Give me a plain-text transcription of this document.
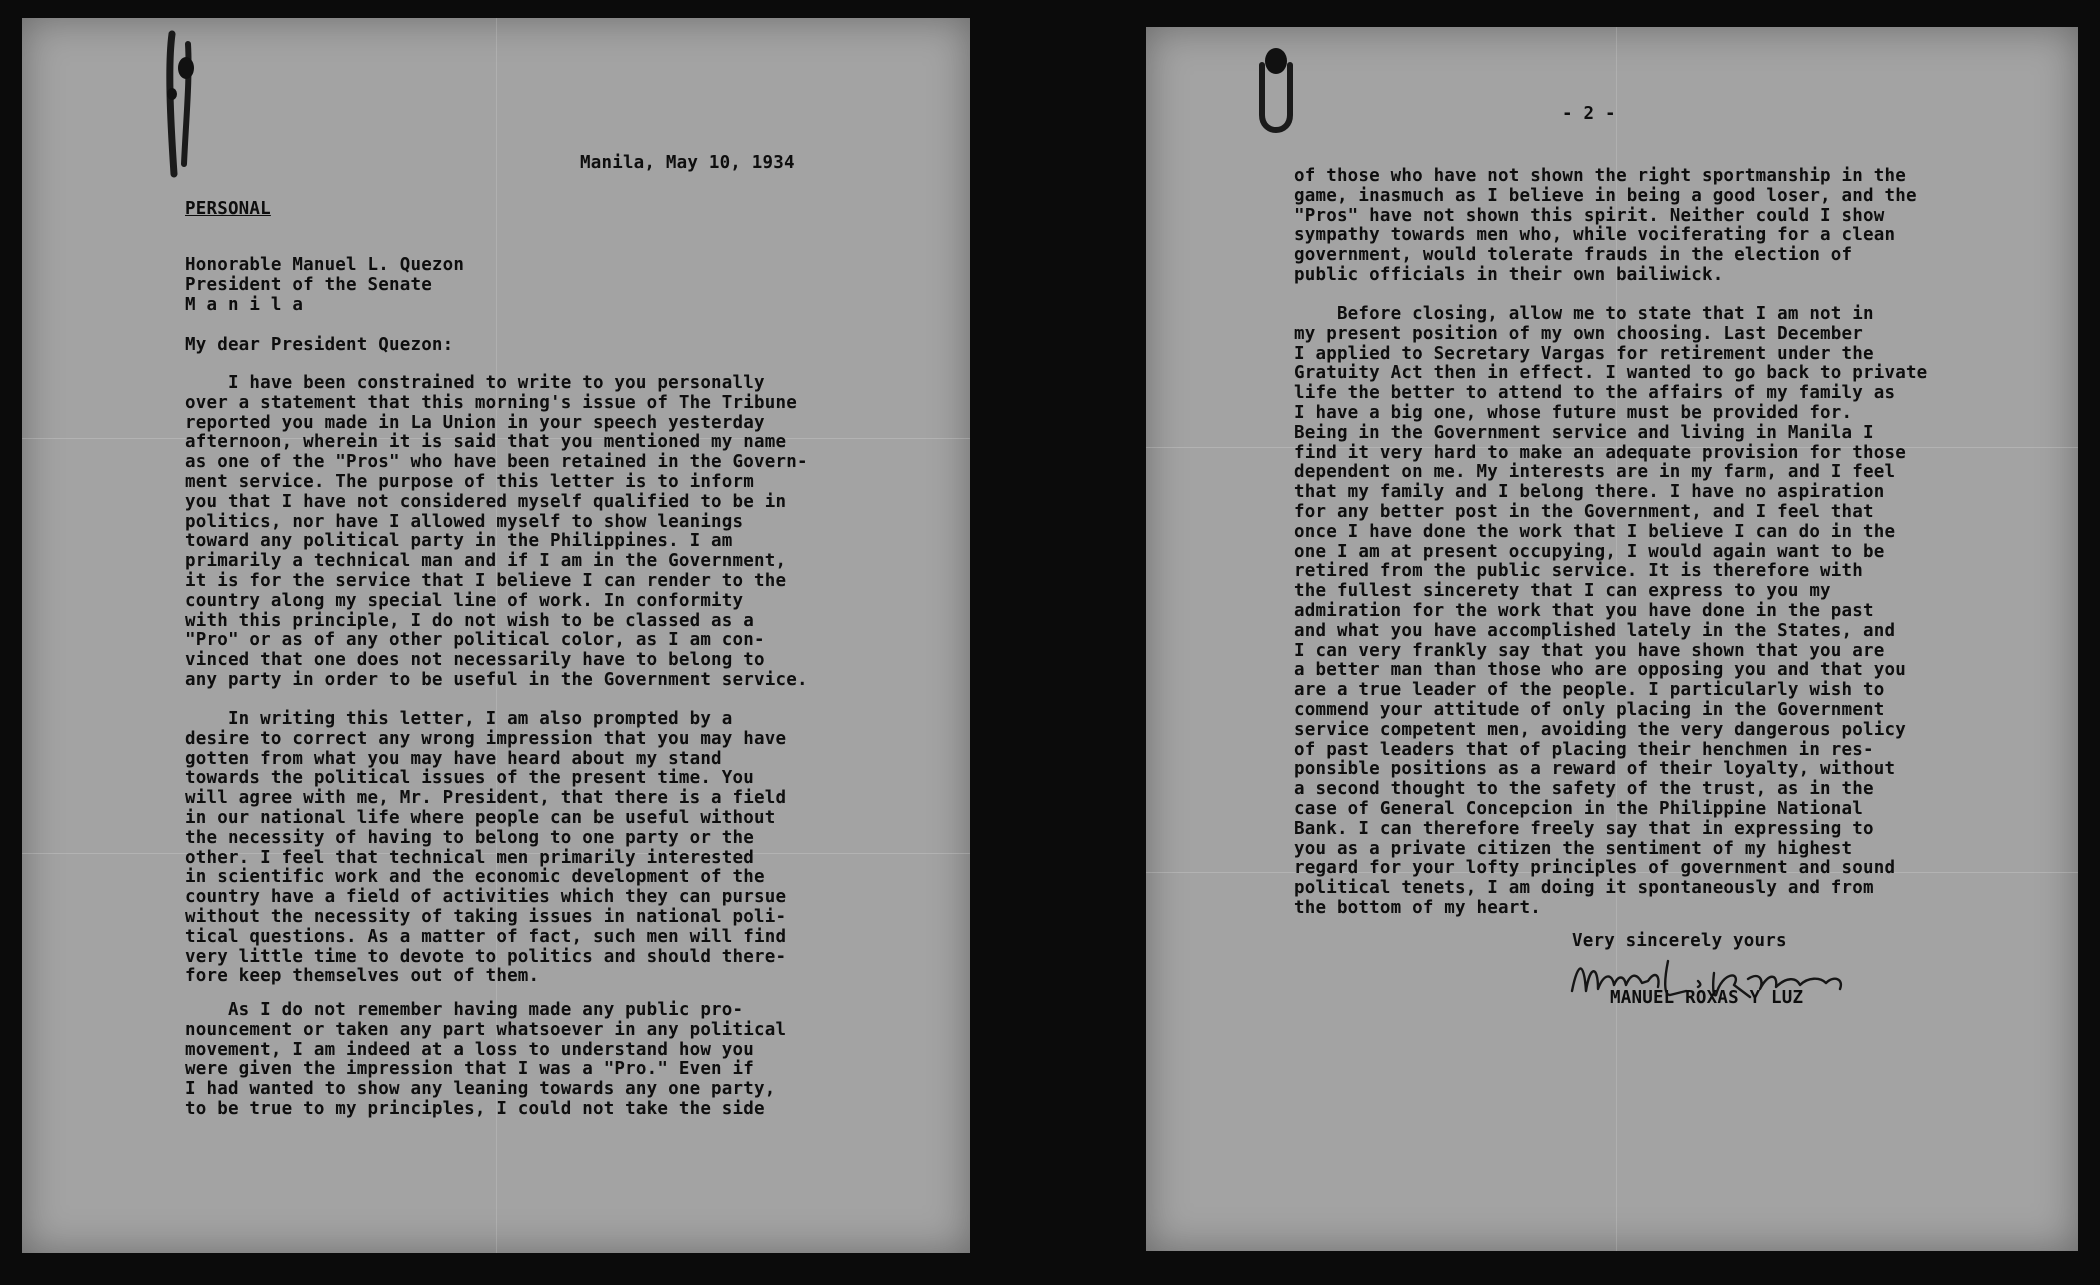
Manila, May 10, 1934
PERSONAL
Honorable Manuel L. Quezon
President of the Senate
M a n i l a
My dear President Quezon:
I have been constrained to write to you personally
over a statement that this morning's issue of The Tribune
reported you made in La Union in your speech yesterday
afternoon, wherein it is said that you mentioned my name
as one of the "Pros" who have been retained in the Govern-
ment service. The purpose of this letter is to inform
you that I have not considered myself qualified to be in
politics, nor have I allowed myself to show leanings
toward any political party in the Philippines. I am
primarily a technical man and if I am in the Government,
it is for the service that I believe I can render to the
country along my special line of work. In conformity
with this principle, I do not wish to be classed as a
"Pro" or as of any other political color, as I am con-
vinced that one does not necessarily have to belong to
any party in order to be useful in the Government service.
In writing this letter, I am also prompted by a
desire to correct any wrong impression that you may have
gotten from what you may have heard about my stand
towards the political issues of the present time. You
will agree with me, Mr. President, that there is a field
in our national life where people can be useful without
the necessity of having to belong to one party or the
other. I feel that technical men primarily interested
in scientific work and the economic development of the
country have a field of activities which they can pursue
without the necessity of taking issues in national poli-
tical questions. As a matter of fact, such men will find
very little time to devote to politics and should there-
fore keep themselves out of them.
As I do not remember having made any public pro-
nouncement or taken any part whatsoever in any political
movement, I am indeed at a loss to understand how you
were given the impression that I was a "Pro." Even if
I had wanted to show any leaning towards any one party,
to be true to my principles, I could not take the side
- 2 -
of those who have not shown the right sportmanship in the
game, inasmuch as I believe in being a good loser, and the
"Pros" have not shown this spirit. Neither could I show
sympathy towards men who, while vociferating for a clean
government, would tolerate frauds in the election of
public officials in their own bailiwick.
Before closing, allow me to state that I am not in
my present position of my own choosing. Last December
I applied to Secretary Vargas for retirement under the
Gratuity Act then in effect. I wanted to go back to private
life the better to attend to the affairs of my family as
I have a big one, whose future must be provided for.
Being in the Government service and living in Manila I
find it very hard to make an adequate provision for those
dependent on me. My interests are in my farm, and I feel
that my family and I belong there. I have no aspiration
for any better post in the Government, and I feel that
once I have done the work that I believe I can do in the
one I am at present occupying, I would again want to be
retired from the public service. It is therefore with
the fullest sincerety that I can express to you my
admiration for the work that you have done in the past
and what you have accomplished lately in the States, and
I can very frankly say that you have shown that you are
a better man than those who are opposing you and that you
are a true leader of the people. I particularly wish to
commend your attitude of only placing in the Government
service competent men, avoiding the very dangerous policy
of past leaders that of placing their henchmen in res-
ponsible positions as a reward of their loyalty, without
a second thought to the safety of the trust, as in the
case of General Concepcion in the Philippine National
Bank. I can therefore freely say that in expressing to
you as a private citizen the sentiment of my highest
regard for your lofty principles of government and sound
political tenets, I am doing it spontaneously and from
the bottom of my heart.
Very sincerely yours
MANUEL ROXAS Y LUZ
